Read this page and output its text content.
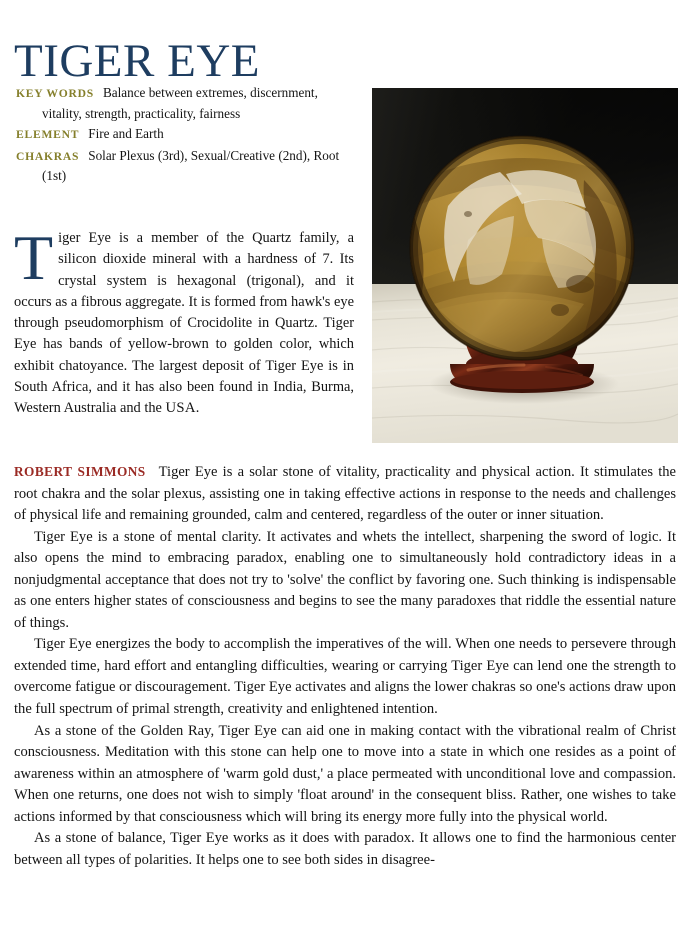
TIGER EYE
KEY WORDS Balance between extremes, discernment, vitality, strength, practicality, fairness
ELEMENT Fire and Earth
CHAKRAS Solar Plexus (3rd), Sexual/Creative (2nd), Root (1st)
Tiger Eye is a member of the Quartz family, a silicon dioxide mineral with a hardness of 7. Its crystal system is hexagonal (trigonal), and it occurs as a fibrous aggregate. It is formed from hawk's eye through pseudomorphism of Crocidolite in Quartz. Tiger Eye has bands of yellow-brown to golden color, which exhibit chatoyance. The largest deposit of Tiger Eye is in South Africa, and it has also been found in India, Burma, Western Australia and the USA.

ROBERT SIMMONS Tiger Eye is a solar stone of vitality, practicality and physical action. It stimulates the root chakra and the solar plexus, assisting one in taking effective actions in response to the needs and challenges of physical life and remaining grounded, calm and centered, regardless of the outer or inner situation.

Tiger Eye is a stone of mental clarity. It activates and whets the intellect, sharpening the sword of logic. It also opens the mind to embracing paradox, enabling one to simultaneously hold contradictory ideas in a nonjudgmental acceptance that does not try to 'solve' the conflict by favoring one. Such thinking is indispensable as one enters higher states of consciousness and begins to see the many paradoxes that riddle the essential nature of things.

Tiger Eye energizes the body to accomplish the imperatives of the will. When one needs to persevere through extended time, hard effort and entangling difficulties, wearing or carrying Tiger Eye can lend one the strength to overcome fatigue or discouragement. Tiger Eye activates and aligns the lower chakras so one's actions draw upon the full spectrum of primal strength, creativity and enlightened intention.

As a stone of the Golden Ray, Tiger Eye can aid one in making contact with the vibrational realm of Christ consciousness. Meditation with this stone can help one to move into a state in which one resides as a point of awareness within an atmosphere of 'warm gold dust,' a place permeated with unconditional love and compassion. When one returns, one does not wish to simply 'float around' in the consequent bliss. Rather, one wishes to take actions informed by that consciousness which will bring its energy more fully into the physical world.

As a stone of balance, Tiger Eye works as it does with paradox. It allows one to find the harmonious center between all types of polarities. It helps one to see both sides in disagree-
